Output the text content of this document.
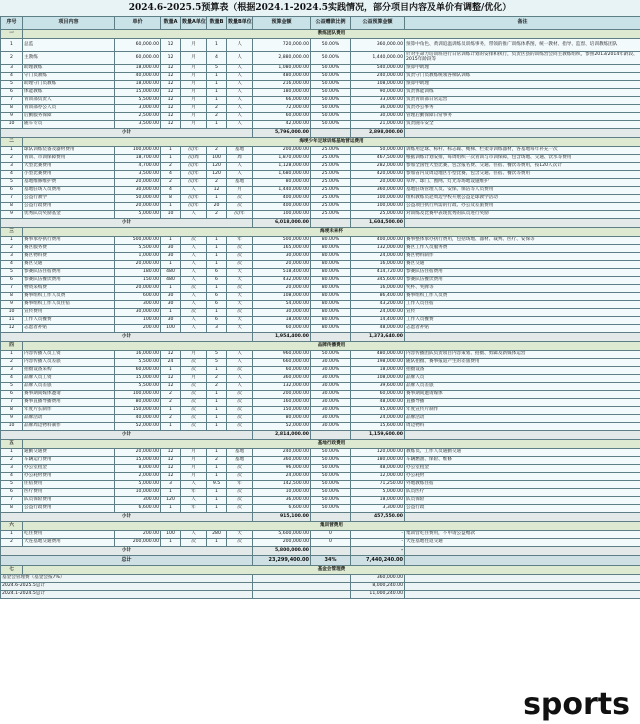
2024.6-2025.5预算表（根据2024.1-2024.5实践情况，部分项目内容及单价有调整/优化）
序号	项目内容	单价	数量A	数量A单位	数量B	数量B单位	预算金额	公益赠款比例	公益预算金额	备注
一	教练团队费用									
1	总监	60,000.00	12	月	1	人	720,000.00	50.00%	360,000.00	预算中角色、黄训追温训练员训练事务，带领的推广训练体系图，统一教材、指导、监督、培训教练团队
2	主教练	60,000.00	12	月	4	人	2,880,000.00	50.00%	1,440,000.00	针对生命力培训班进行日常训练计划的安排和执行，负责区县的训练营会同主教练组织，参照2013/2014年龄段、2015年龄段等
3	助理教练	18,000.00	12	月	5	人	1,080,000.00	50.00%	540,000.00	预算中助理
4	守门员教练	40,000.00	12	月	1	人	480,000.00	50.00%	240,000.00	负责守门员教练统领各梯队训练
5	助理守门员教练	18,000.00	12	月	1	人	216,000.00	50.00%	108,000.00	预算中助理
6	体能教练	15,000.00	12	月	1	人	180,000.00	50.00%	90,000.00	负责体能训练
7	青训部负责人	5,500.00	12	月	1	人	66,000.00	50.00%	33,000.00	负责青训部日常运营
8	青训部办公人员	3,000.00	12	月	2	人	72,000.00	50.00%	36,000.00	负责办公事务
9	后勤服务保障	2,500.00	12	月	2	人	60,000.00	50.00%	30,000.00	管理后勤保障日常事务
10	随车专员	3,500.00	12	月	1	人	42,000.00	50.00%	21,000.00	负责随车安全
小计							5,796,000.00		2,898,000.00	
二	海埂少年足球训练基地营运费用									
1	球队训练装备及器材费用	100,000.00	1	次/年	2	基地	200,000.00	25.00%	50,000.00	训练用足球、标杆、标志碟、绳梯、栏架等训练器材，各基地每年补充一次
2	青训、市训保障费用	18,700.00	1	次/周	100	周	1,870,000.00	25.00%	467,500.00	根据训练计划安排，每周组织一次青训与市训保障，包含场地、交通、饮水等费用
3	大型比赛费用	4,700.00	2	次/年	120	人	1,128,000.00	25.00%	282,000.00	参加全国性大型比赛，包含报名费、交通、住宿、餐饮等费用，按120人次计
4	小型比赛费用	3,500.00	4	次/年	120	人	1,680,000.00	25.00%	420,000.00	参加省内及周边地区小型比赛，包含交通、住宿、餐饮等费用
5	基地维修维护费	20,000.00	2	次/年	2	基地	80,000.00	25.00%	20,000.00	草坪、球门、围网、灯光等场地设施维护
6	基地驻场人员费用	30,000.00	4	人	12	月	1,440,000.00	25.00%	360,000.00	基地驻场管理人员、安保、保洁等人员费用
7	公益行教学	50,000.00	8	次/年	1	次	400,000.00	25.00%	100,000.00	组织教练员赴周边学校开展公益足球教学活动
8	公益行政费用	20,000.00	1	次/年	20	次	400,000.00	25.00%	100,000.00	公益项目执行所需的行政、办公及差旅费用
9	优秀队员奖励基金	5,000.00	10	人	2	次/年	100,000.00	25.00%	25,000.00	对训练及比赛中表现优秀的队员进行奖励
小计							6,018,000.00		1,604,500.00	
三	海埂未来杯									
1	赛事承办执行费用	500,000.00	1	次	1	年	500,000.00	80.00%	400,000.00	赛事整体承办执行费用，包括场地、器材、裁判、医疗、安保等
2	赛区服务费	5,500.00	30	人	1	次	165,000.00	80.00%	132,000.00	赛区工作人员服务费
3	赛区物料费	1,000.00	30	人	1	次	30,000.00	80.00%	24,000.00	赛区物料制作
4	赛区交通	20,000.00	1	人	1	次	20,000.00	80.00%	16,000.00	赛区交通
5	参赛队伍住宿费用	180.00	480	人	6	天	518,400.00	80.00%	414,720.00	参赛队伍住宿费用
6	参赛队伍餐饮费用	150.00	480	人	6	天	432,000.00	80.00%	345,600.00	参赛队伍餐饮费用
7	物资采购费	20,000.00	1	次	1	次	20,000.00	80.00%	16,000.00	奖杯、奖牌等
8	赛事组织工作人员费	600.00	30	人	6	天	108,000.00	80.00%	86,400.00	赛事组织工作人员费
9	赛事组织工作人员住宿	300.00	30	人	6	天	54,000.00	80.00%	43,200.00	工作人员住宿
10	宣传费用	30,000.00	1	次	1	次	30,000.00	80.00%	24,000.00	宣传
11	工作人员餐费	100.00	30	人	6	天	18,000.00	80.00%	14,400.00	工作人员餐费
12	志愿者补贴	200.00	100	人	3	天	60,000.00	80.00%	48,000.00	志愿者补贴
小计							1,954,400.00		1,373,640.00	
四	品牌传播费用									
1	内容传播人员工资	16,000.00	12	月	5	人	960,000.00	50.00%	480,000.00	内容传播团队负责项目内容策划、拍摄、剪辑及新媒体运营
2	内容传播人员差旅	5,500.00	24	次	5	人	660,000.00	30.00%	198,000.00	随队拍摄、赛事报道产生的差旅费用
3	拍摄设备采购	60,000.00	1	次	1	次	60,000.00	30.00%	18,000.00	拍摄设备
4	品牌人员工资	15,000.00	12	月	2	人	360,000.00	30.00%	108,000.00	品牌人员
5	品牌人员差旅	5,500.00	12	次	2	人	132,000.00	30.00%	39,600.00	品牌人员差旅
6	赛事期间媒体邀请	100,000.00	2	次	1	次	200,000.00	30.00%	60,000.00	赛事期间邀请媒体
7	赛事直播导播费用	80,000.00	2	次	1	次	160,000.00	30.00%	48,000.00	直播导播
8	年度片长制作	150,000.00	1	次	1	次	150,000.00	30.00%	45,000.00	年度宣传片制作
9	品牌活动	40,000.00	2	次	1	次	80,000.00	30.00%	24,000.00	品牌活动
10	品牌周边物料制作	52,000.00	1	次	1	次	52,000.00	30.00%	15,600.00	周边物料
小计							2,814,000.00		1,159,600.00	
五	基地行政费用									
1	通勤交通费	20,000.00	12	月	1	基地	240,000.00	50.00%	120,000.00	教练员、工作人员通勤交通
2	车辆运行费用	15,000.00	12	月	2	基地	360,000.00	50.00%	180,000.00	车辆燃油、保险、维修
3	办公室租金	8,000.00	12	月	1	次	96,000.00	50.00%	48,000.00	办公室租金
4	办公耗材费用	2,000.00	12	月	1	次	24,000.00	50.00%	12,000.00	办公耗材
5	住宿费用	5,000.00	3	人	9.5	年	142,500.00	50.00%	71,250.00	外地教练住宿
6	医疗费用	10,000.00	1	年	1	次	10,000.00	50.00%	5,000.00	队员医疗
7	队员保险费用	300.00	120	人	1	次	36,000.00	50.00%	18,000.00	队员保险
8	公益行政费用	6,600.00	1	年	1	次	6,600.00	50.00%	3,300.00	公益行政
小计							915,100.00		457,550.00	
六	集训营费用									
1	吃住费用	200.00	100	人	280	天	5,600,000.00	0	-	集训营吃住费用，不申请公益赠款
2	大连基地交通费用	200,000.00	1	次	1	次	200,000.00	0	-	大连基地往返交通
小计							5,800,000.00		-	
总计							23,299,400.00	34%	7,440,240.00	
七	基金会管理费									
基金会管理费（基金会按7%）									360,000.00	
2024.6-2025.5总计									8,000,240.00	
2024.1-2024.5总计									11,000,240.00	
sports
